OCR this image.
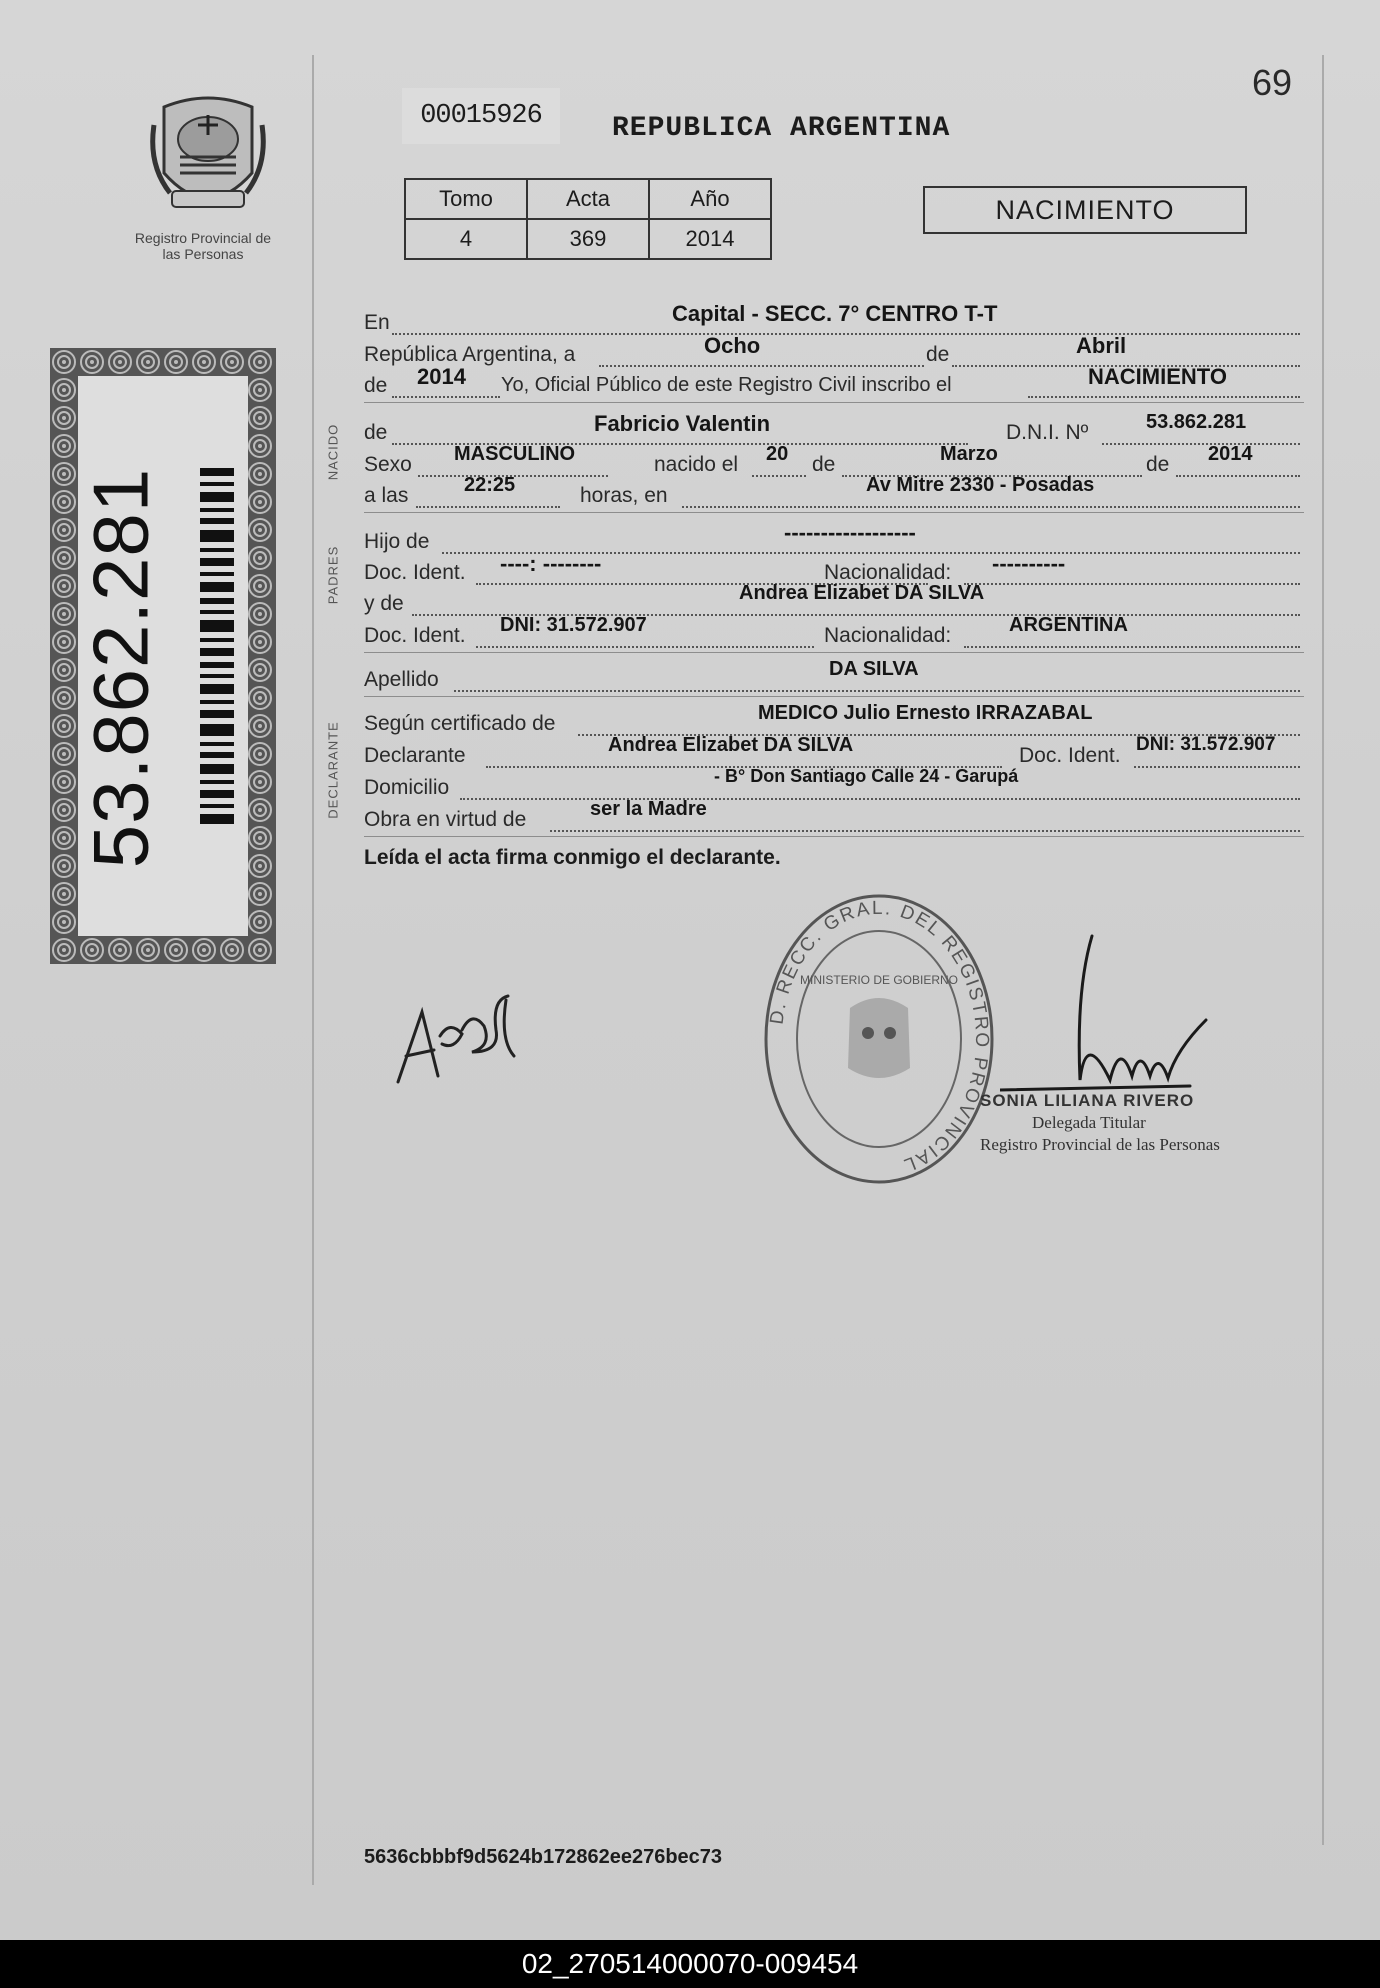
Registro Provincial de las Personas
00015926	REPUBLICA ARGENTINA
69
Tomo	Acta	Año
4	369	2014
NACIMIENTO
53.862.281
NACIDO
PADRES
DECLARANTE
En	Capital - SECC. 7° CENTRO T-T
República Argentina, a	Ocho	de	Abril
de 2014 Yo, Oficial Público de este Registro Civil inscribo el	NACIMIENTO
de	Fabricio Valentin	D.N.I. Nº	53.862.281
Sexo MASCULINO	nacido el 20 de	Marzo	de 2014
a las	22:25	horas, en	Av Mitre 2330 - Posadas
Hijo de	------------------
Doc. Ident. ----: --------	Nacionalidad: ----------
y de	Andrea Elizabet DA SILVA
Doc. Ident. DNI: 31.572.907	Nacionalidad:	ARGENTINA
Apellido	DA SILVA
Según certificado de	MEDICO Julio Ernesto IRRAZABAL
Declarante	Andrea Elizabet DA SILVA	Doc. Ident. DNI: 31.572.907
Domicilio	- B° Don Santiago Calle 24 - Garupá
Obra en virtud de	ser la Madre
Leída el acta firma conmigo el declarante.
D. RECC. GRAL. DEL REGISTRO PROVINCIAL
MINISTERIO DE GOBIERNO
SONIA LILIANA RIVERO
Delegada Titular
Registro Provincial de las Personas
5636cbbbf9d5624b172862ee276bec73
02_270514000070-009454
